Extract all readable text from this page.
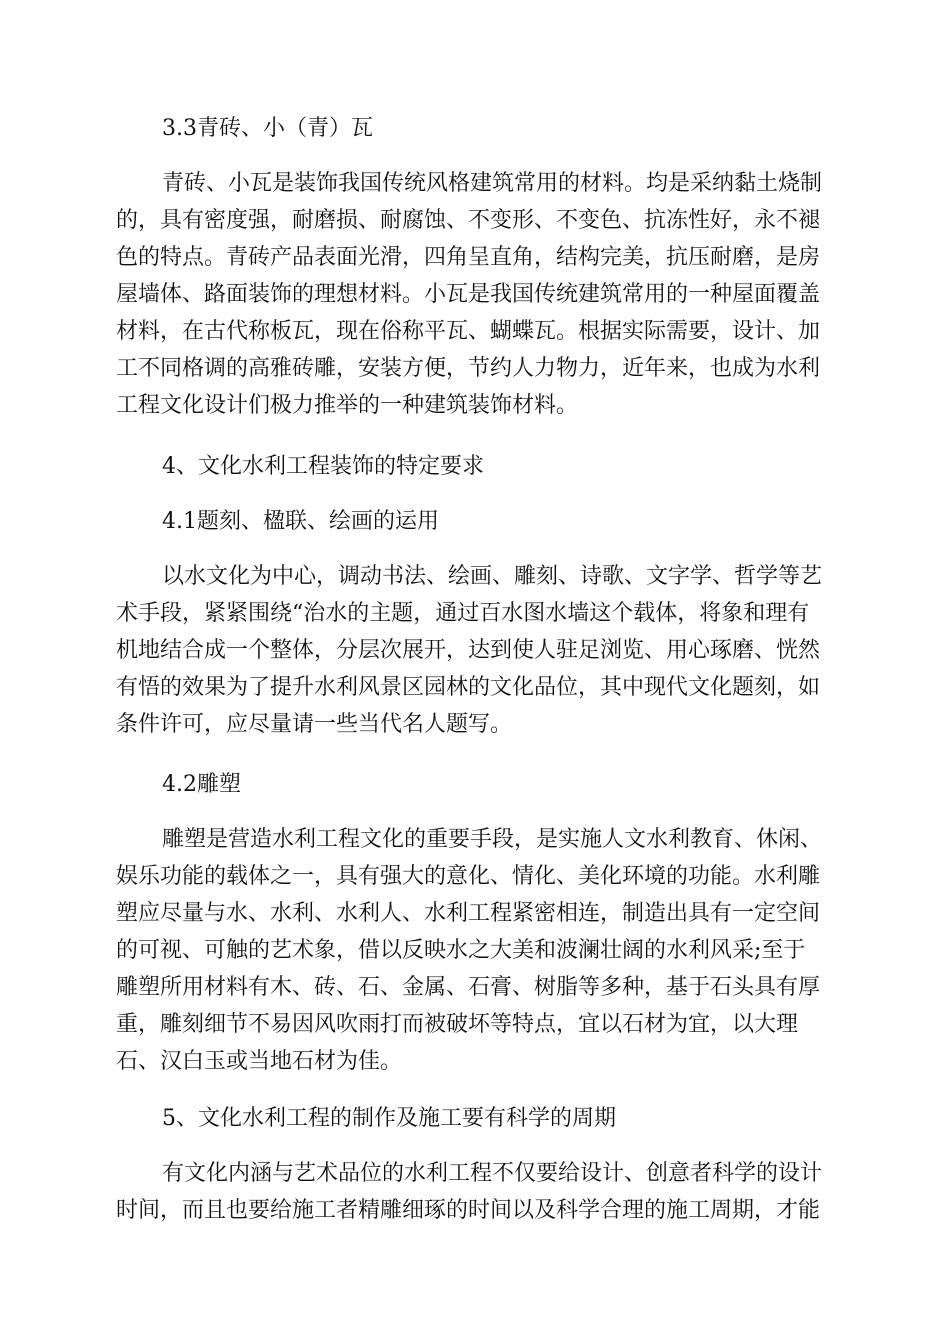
3.3青砖、小（青）瓦

青砖、小瓦是装饰我国传统风格建筑常用的材料。均是采纳黏土烧制
的，具有密度强，耐磨损、耐腐蚀、不变形、不变色、抗冻性好，永不褪
色的特点。青砖产品表面光滑，四角呈直角，结构完美，抗压耐磨，是房
屋墙体、路面装饰的理想材料。小瓦是我国传统建筑常用的一种屋面覆盖
材料，在古代称板瓦，现在俗称平瓦、蝴蝶瓦。根据实际需要，设计、加
工不同格调的高雅砖雕，安装方便，节约人力物力，近年来，也成为水利
工程文化设计们极力推举的一种建筑装饰材料。

4、文化水利工程装饰的特定要求

4.1题刻、楹联、绘画的运用

以水文化为中心，调动书法、绘画、雕刻、诗歌、文字学、哲学等艺
术手段，紧紧围绕“治水的主题，通过百水图水墙这个载体，将象和理有
机地结合成一个整体，分层次展开，达到使人驻足浏览、用心琢磨、恍然
有悟的效果为了提升水利风景区园林的文化品位，其中现代文化题刻，如
条件许可，应尽量请一些当代名人题写。

4.2雕塑

雕塑是营造水利工程文化的重要手段，是实施人文水利教育、休闲、
娱乐功能的载体之一，具有强大的意化、情化、美化环境的功能。水利雕
塑应尽量与水、水利、水利人、水利工程紧密相连，制造出具有一定空间
的可视、可触的艺术象，借以反映水之大美和波澜壮阔的水利风采;至于
雕塑所用材料有木、砖、石、金属、石膏、树脂等多种，基于石头具有厚
重，雕刻细节不易因风吹雨打而被破坏等特点，宜以石材为宜，以大理
石、汉白玉或当地石材为佳。

5、文化水利工程的制作及施工要有科学的周期

有文化内涵与艺术品位的水利工程不仅要给设计、创意者科学的设计
时间，而且也要给施工者精雕细琢的时间以及科学合理的施工周期，才能
